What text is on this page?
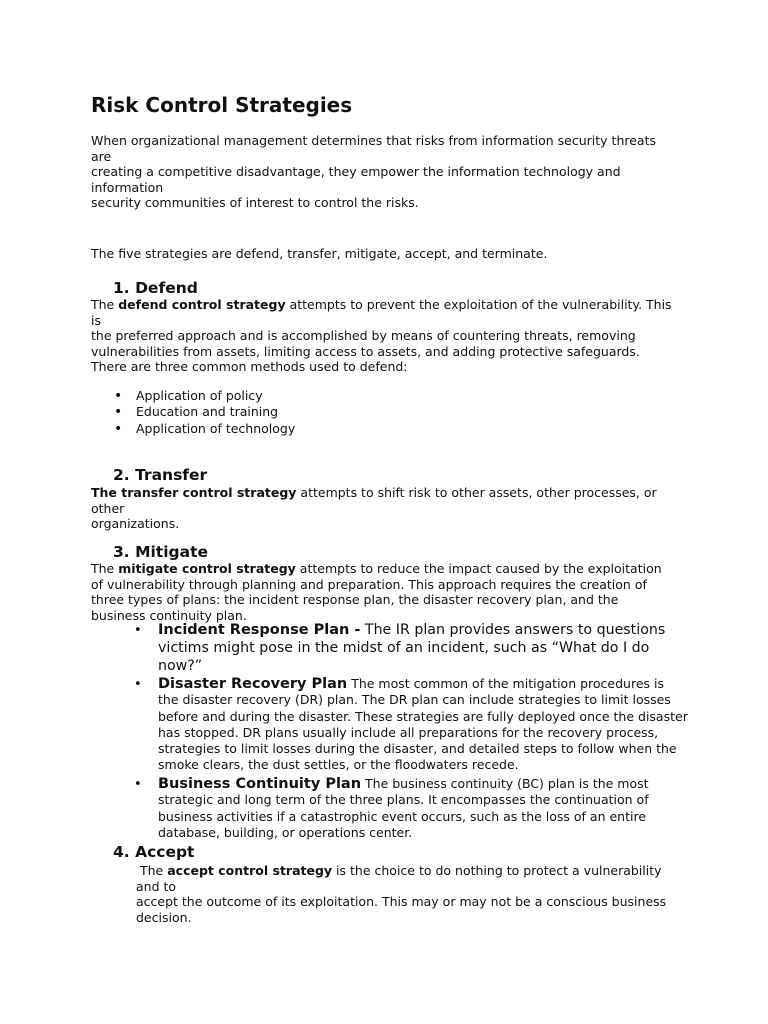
Risk Control Strategies
When organizational management determines that risks from information security threats
are
creating a competitive disadvantage, they empower the information technology and
information
security communities of interest to control the risks.
The five strategies are defend, transfer, mitigate, accept, and terminate.
1. Defend
The defend control strategy attempts to prevent the exploitation of the vulnerability. This
is
the preferred approach and is accomplished by means of countering threats, removing
vulnerabilities from assets, limiting access to assets, and adding protective safeguards.
There are three common methods used to defend:
• Application of policy
• Education and training
• Application of technology
2. Transfer
The transfer control strategy attempts to shift risk to other assets, other processes, or
other
organizations.
3. Mitigate
The mitigate control strategy attempts to reduce the impact caused by the exploitation
of vulnerability through planning and preparation. This approach requires the creation of
three types of plans: the incident response plan, the disaster recovery plan, and the
business continuity plan.
• Incident Response Plan - The IR plan provides answers to questions victims might pose in the midst of an incident, such as “What do I do now?”
• Disaster Recovery Plan The most common of the mitigation procedures is the disaster recovery (DR) plan. The DR plan can include strategies to limit losses before and during the disaster. These strategies are fully deployed once the disaster has stopped. DR plans usually include all preparations for the recovery process, strategies to limit losses during the disaster, and detailed steps to follow when the smoke clears, the dust settles, or the floodwaters recede.
• Business Continuity Plan The business continuity (BC) plan is the most strategic and long term of the three plans. It encompasses the continuation of business activities if a catastrophic event occurs, such as the loss of an entire database, building, or operations center.
4. Accept
The accept control strategy is the choice to do nothing to protect a vulnerability
and to
accept the outcome of its exploitation. This may or may not be a conscious business
decision.
